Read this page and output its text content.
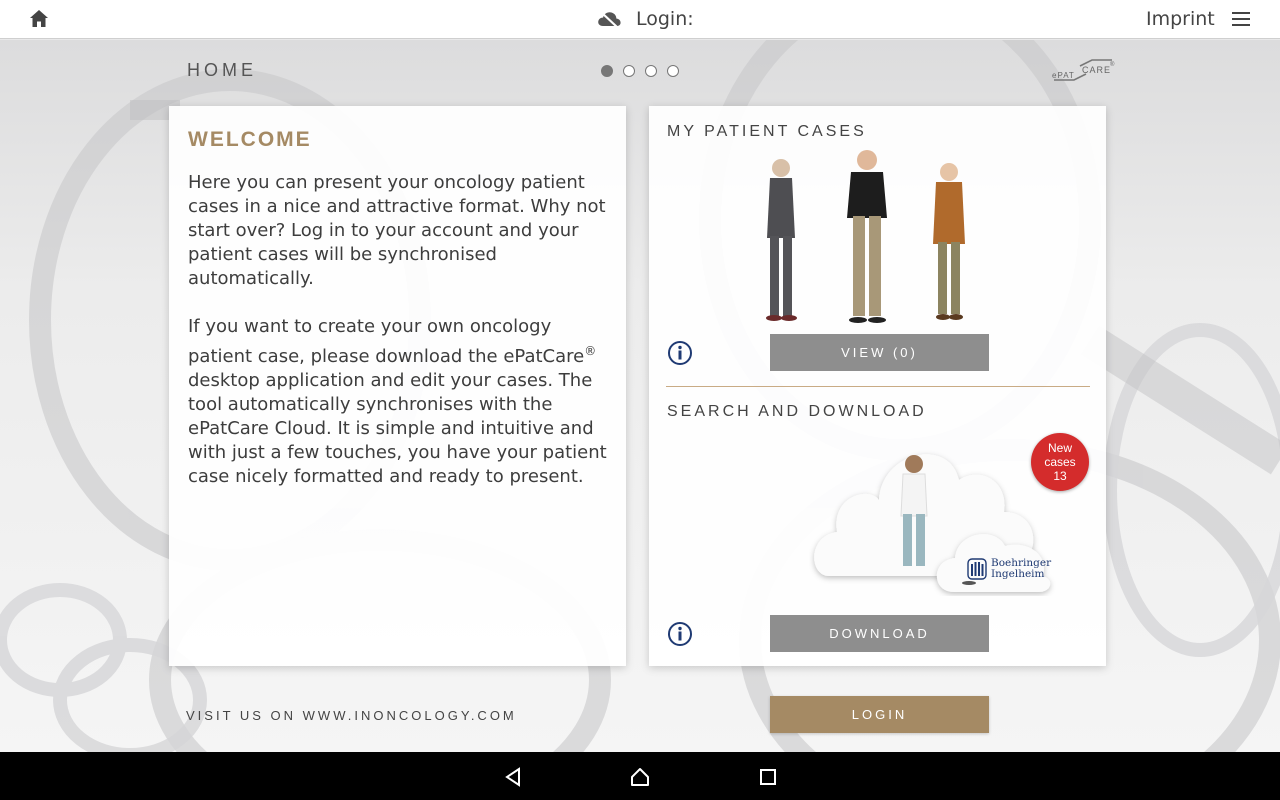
Login:	Imprint
HOME	ePAT
CARE
®
WELCOME

Here you can present your oncology patient cases in a nice and attractive format. Why not start over? Log in to your account and your patient cases will be synchronised automatically.

If you want to create your own oncology patient case, please download the ePatCare® desktop application and edit your cases. The tool automatically synchronises with the ePatCare Cloud. It is simple and intuitive and with just a few touches, you have your patient case nicely formatted and ready to present.

MY PATIENT CASES
VIEW (0)
SEARCH AND DOWNLOAD
New
cases
13
Boehringer
Ingelheim
DOWNLOAD
VISIT US ON WWW.INONCOLOGY.COM	LOGIN
